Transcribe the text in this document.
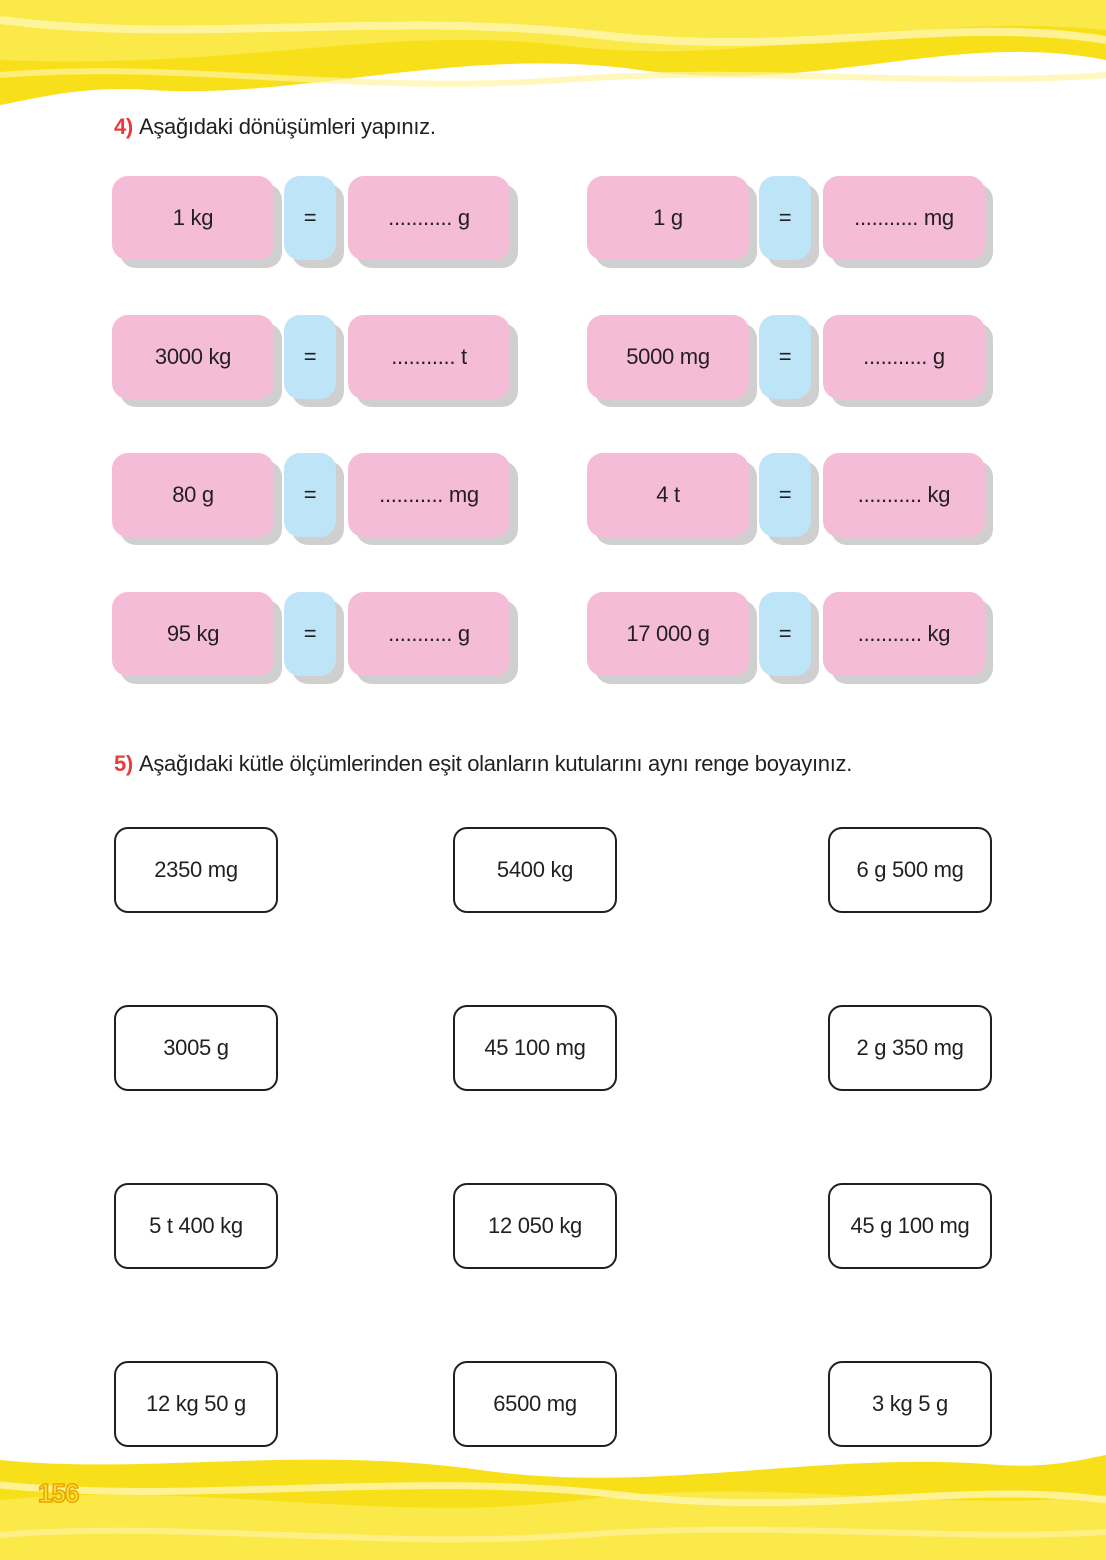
4) Aşağıdaki dönüşümleri yapınız.
1 kg	=	........... g	1 g	=	........... mg
3000 kg	=	........... t	5000 mg	=	........... g
80 g	=	........... mg	4 t	=	........... kg
95 kg	=	........... g	17 000 g	=	........... kg
5) Aşağıdaki kütle ölçümlerinden eşit olanların kutularını aynı renge boyayınız.
2350 mg	5400 kg	6 g 500 mg
3005 g	45 100 mg	2 g 350 mg
5 t 400 kg	12 050 kg	45 g 100 mg
12 kg 50 g	6500 mg	3 kg 5 g
156
